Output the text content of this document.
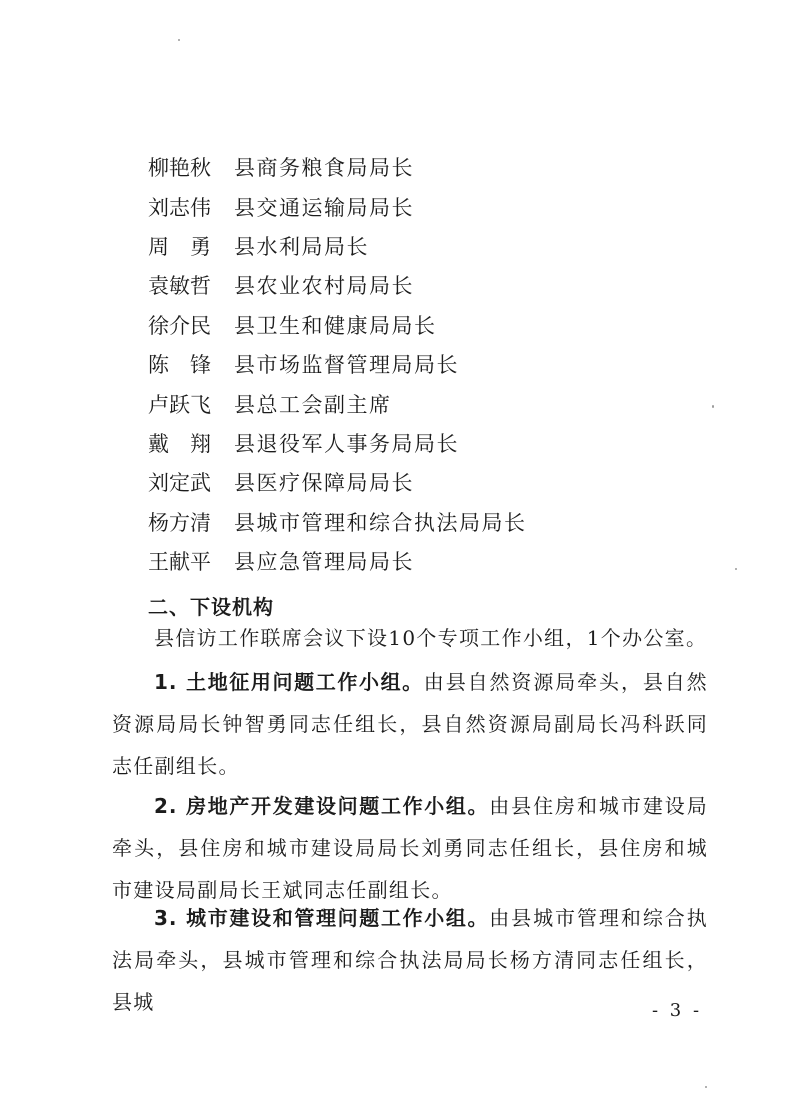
柳艳秋	县商务粮食局局长
刘志伟	县交通运输局局长
周勇 县水利局局长
袁敏哲	县农业农村局局长
徐介民	县卫生和健康局局长
陈锋 县市场监督管理局局长
卢跃飞	县总工会副主席
戴翔 县退役军人事务局局长
刘定武	县医疗保障局局长
杨方清	县城市管理和综合执法局局长
王献平	县应急管理局局长
二、下设机构

县信访工作联席会议下设10个专项工作小组，1个办公室。

1. 土地征用问题工作小组。由县自然资源局牵头，县自然资源局局长钟智勇同志任组长，县自然资源局副局长冯科跃同志任副组长。

2. 房地产开发建设问题工作小组。由县住房和城市建设局牵头，县住房和城市建设局局长刘勇同志任组长，县住房和城市建设局副局长王斌同志任副组长。

3. 城市建设和管理问题工作小组。由县城市管理和综合执法局牵头，县城市管理和综合执法局局长杨方清同志任组长，县城	- 3 -
